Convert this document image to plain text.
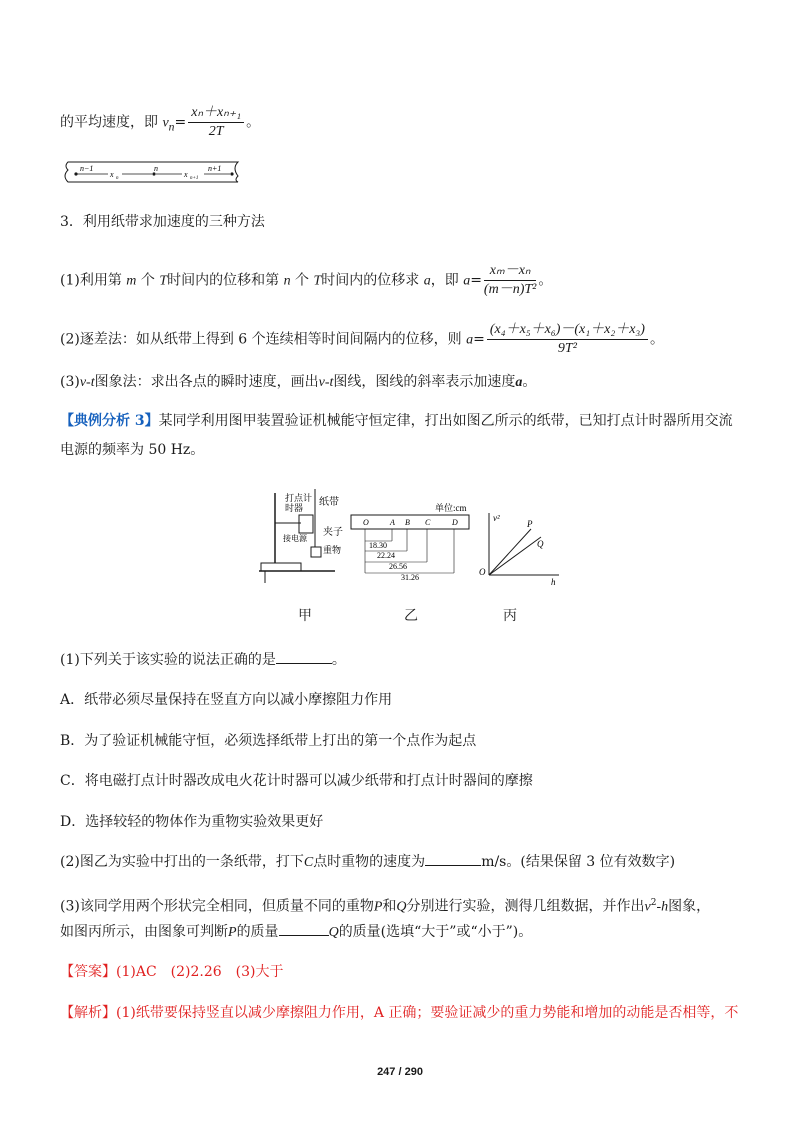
的平均速度，即 $v_n= \frac{\text{xₙ＋xₙ₊₁}}{2T}$ 。
n−1
x n
n
x n+1
n+1
3．利用纸带求加速度的三种方法
(1)利用第 m 个 T时间内的位移和第 n 个 T时间内的位移求 a，即 $a= \frac{\text{xₘ－xₙ}}{\text{(m－n)T²}}$ 。
(2)逐差法：如从纸带上得到 6 个连续相等时间间隔内的位移，则 $a= \frac{\text{(x₄＋x₅＋x₆)－(x₁＋x₂＋x₃)}}{\text{9T²}}$ 。
(3)v-t图象法：求出各点的瞬时速度，画出v-t图线，图线的斜率表示加速度a。
【典例分析 3】某同学利用图甲装置验证机械能守恒定律，打出如图乙所示的纸带，已知打点计时器所用交流
电源的频率为 50 Hz。
打点计
时器 纸带
接电源
夹子
重物
单位:cm
O	A B C	D
18.30
22.24
26.56
31.26
v²
h
O
P
Q
甲	乙	丙
(1)下列关于该实验的说法正确的是	。
A．纸带必须尽量保持在竖直方向以减小摩擦阻力作用
B．为了验证机械能守恒，必须选择纸带上打出的第一个点作为起点
C．将电磁打点计时器改成电火花计时器可以减少纸带和打点计时器间的摩擦
D．选择较轻的物体作为重物实验效果更好
(2)图乙为实验中打出的一条纸带，打下C点时重物的速度为	m/s。(结果保留 3 位有效数字)
(3)该同学用两个形状完全相同，但质量不同的重物P和Q分别进行实验，测得几组数据，并作出$v^2-h$图象，
如图丙所示，由图象可判断P的质量	Q的质量(选填“大于”或“小于”)。
【答案】(1)AC　(2)2.26　(3)大于
【解析】(1)纸带要保持竖直以减少摩擦阻力作用，A 正确；要验证减少的重力势能和增加的动能是否相等，不
247 / 290
